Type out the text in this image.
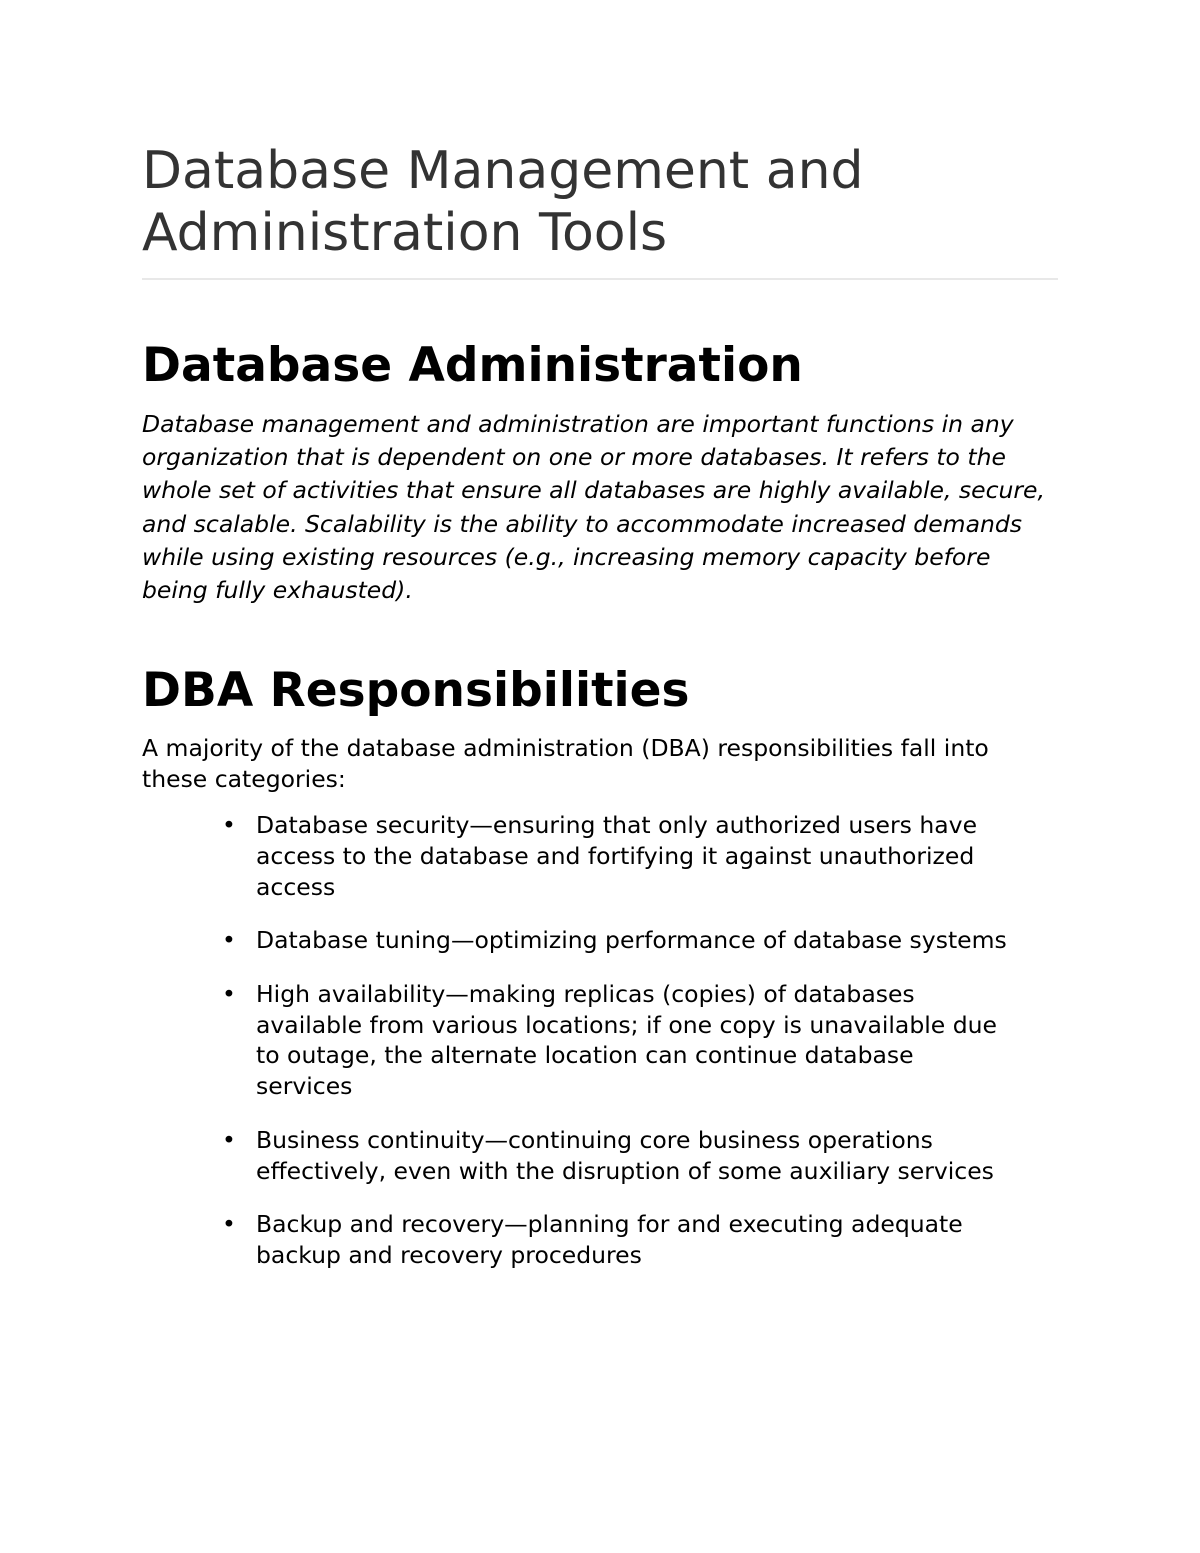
Database Management and Administration Tools
Database Administration

Database management and administration are important functions in any organization that is dependent on one or more databases. It refers to the whole set of activities that ensure all databases are highly available, secure, and scalable. Scalability is the ability to accommodate increased demands while using existing resources (e.g., increasing memory capacity before being fully exhausted).

DBA Responsibilities

A majority of the database administration (DBA) responsibilities fall into these categories:

• Database security—ensuring that only authorized users have access to the database and fortifying it against unauthorized access
• Database tuning—optimizing performance of database systems
• High availability—making replicas (copies) of databases available from various locations; if one copy is unavailable due to outage, the alternate location can continue database services
• Business continuity—continuing core business operations effectively, even with the disruption of some auxiliary services
• Backup and recovery—planning for and executing adequate backup and recovery procedures
